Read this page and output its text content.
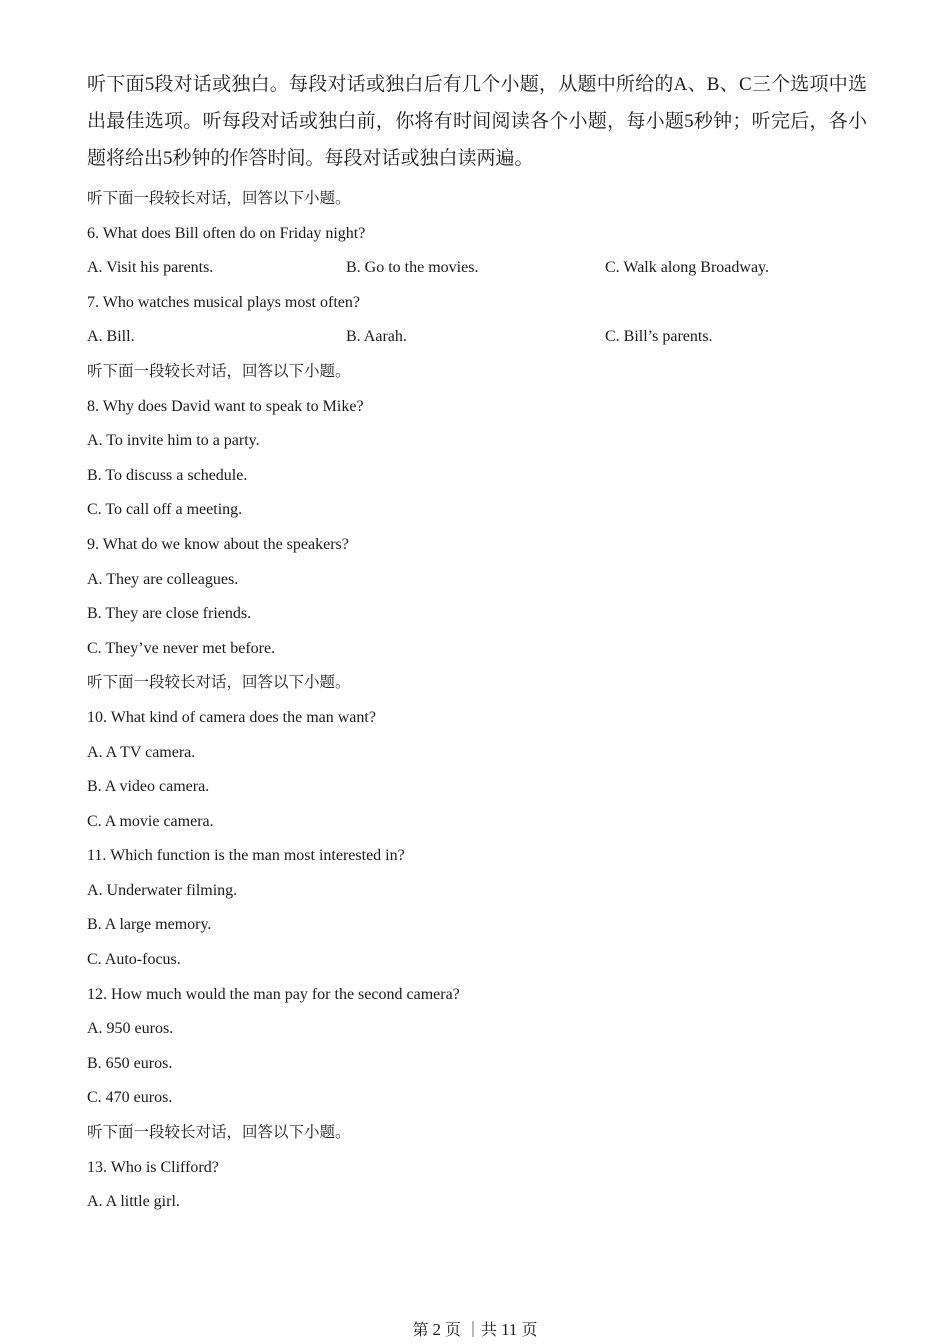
听下面5段对话或独白。每段对话或独白后有几个小题，从题中所给的A、B、C三个选项中选出最佳选项。听每段对话或独白前，你将有时间阅读各个小题，每小题5秒钟；听完后，各小题将给出5秒钟的作答时间。每段对话或独白读两遍。

听下面一段较长对话，回答以下小题。
6. What does Bill often do on Friday night?
A. Visit his parents.	B. Go to the movies.	C. Walk along Broadway.
7. Who watches musical plays most often?
A. Bill.	B. Aarah.	C. Bill’s parents.
听下面一段较长对话，回答以下小题。
8. Why does David want to speak to Mike?
A. To invite him to a party.
B. To discuss a schedule.
C. To call off a meeting.
9. What do we know about the speakers?
A. They are colleagues.
B. They are close friends.
C. They’ve never met before.
听下面一段较长对话，回答以下小题。
10. What kind of camera does the man want?
A. A TV camera.
B. A video camera.
C. A movie camera.
11. Which function is the man most interested in?
A. Underwater filming.
B. A large memory.
C. Auto-focus.
12. How much would the man pay for the second camera?
A. 950 euros.
B. 650 euros.
C. 470 euros.
听下面一段较长对话，回答以下小题。
13. Who is Clifford?
A. A little girl.
第 2 页 ｜共 11 页
